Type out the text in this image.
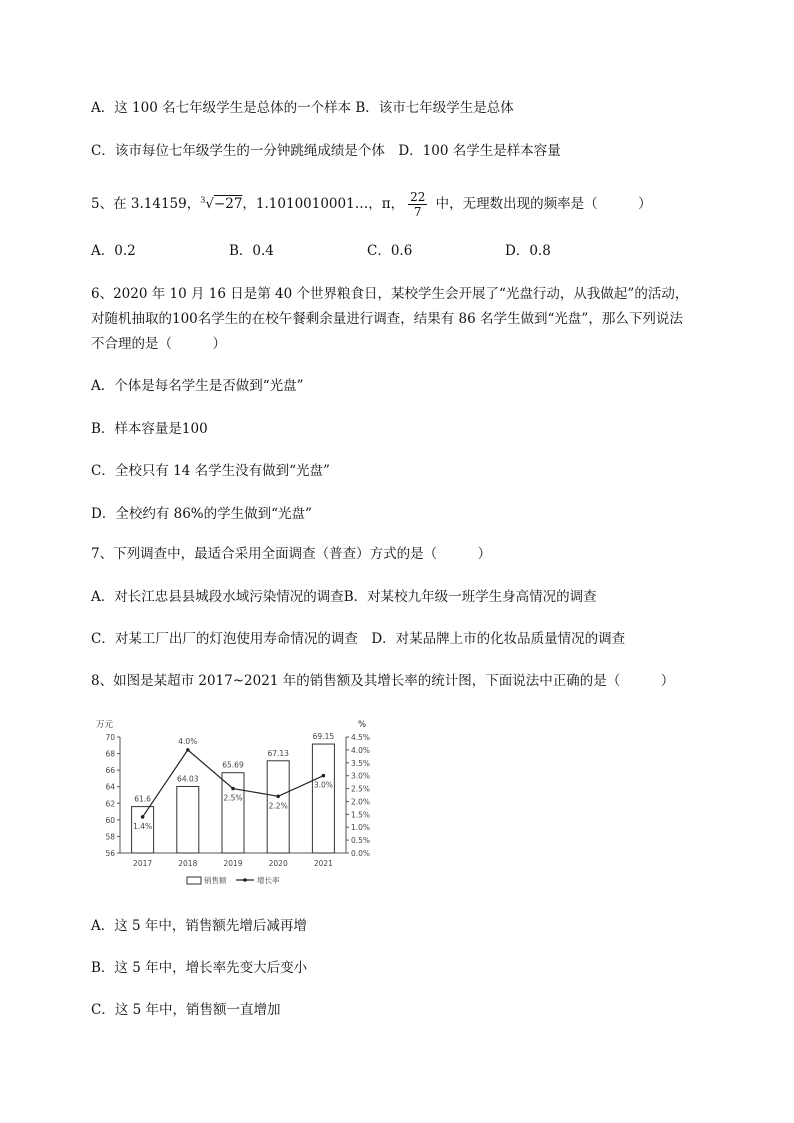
A．这 100 名七年级学生是总体的一个样本 B．该市七年级学生是总体
C．该市每位七年级学生的一分钟跳绳成绩是个体　D．100 名学生是样本容量
5、在 3.14159，$^3$√−27，1.1010010001…，π， $\frac{22}{7}$ 中，无理数出现的频率是（　　　）
A．0.2	B．0.4	C．0.6	D．0.8
6、2020 年 10 月 16 日是第 40 个世界粮食日，某校学生会开展了“光盘行动，从我做起”的活动，
对随机抽取的100名学生的在校午餐剩余量进行调查，结果有 86 名学生做到“光盘”，那么下列说法
不合理的是（　　　）
A．个体是每名学生是否做到“光盘”
B．样本容量是100
C．全校只有 14 名学生没有做到“光盘”
D．全校约有 86%的学生做到“光盘”
7、下列调查中，最适合采用全面调查（普查）方式的是（　　　）
A．对长江忠县县城段水域污染情况的调查B．对某校九年级一班学生身高情况的调查
C．对某工厂出厂的灯泡使用寿命情况的调查　D．对某品牌上市的化妆品质量情况的调查
8、如图是某超市 2017~2021 年的销售额及其增长率的统计图，下面说法中正确的是（　　　）
56
58
60
62
64
66
68
70
0.0%
0.5%
1.0%
1.5%
2.0%
2.5%
3.0%
3.5%
4.0%
4.5%
万元	%
61.6
64.03
65.69
67.13
69.15
2017	2018	2019	2020	2021
1.4%
4.0%
2.5%
2.2%
3.0%
销售额	增长率
A．这 5 年中，销售额先增后减再增
B．这 5 年中，增长率先变大后变小
C．这 5 年中，销售额一直增加
